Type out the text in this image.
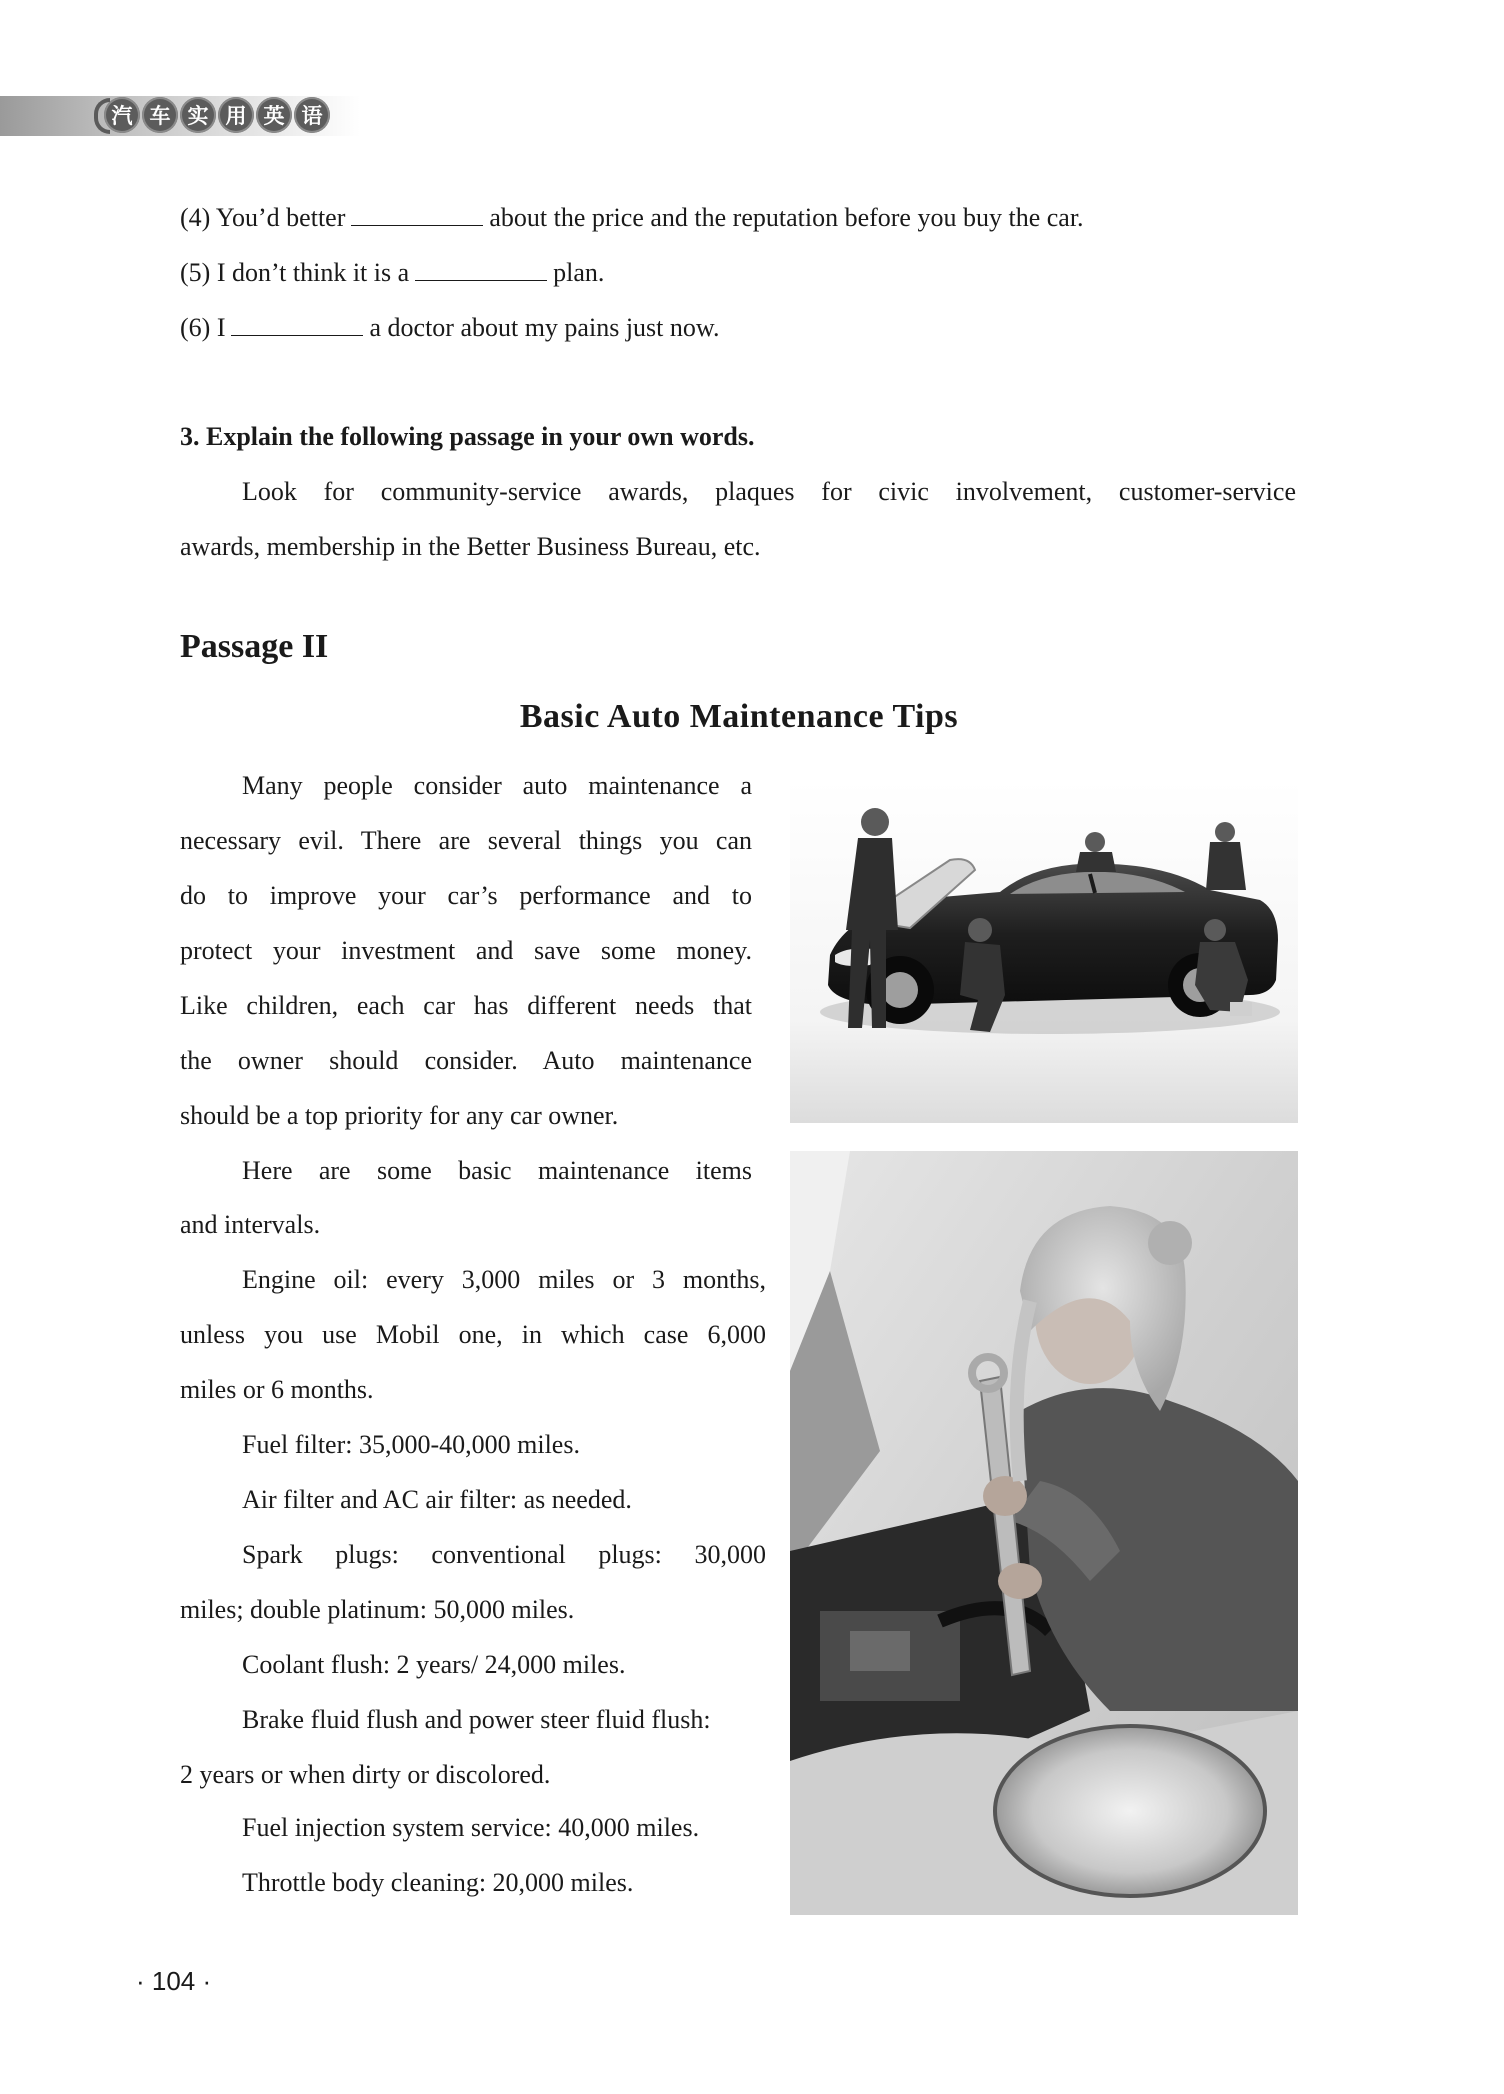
汽 车 实 用 英 语
(4) You’d better	about the price and the reputation before you buy the car.
(5) I don’t think it is a	plan.
(6) I	a doctor about my pains just now.
3. Explain the following passage in your own words.
Look for community-service awards, plaques for civic involvement, customer-service
awards, membership in the Better Business Bureau, etc.
Passage II
Basic Auto Maintenance Tips
Many people consider auto maintenance a
necessary evil. There are several things you can
do to improve your car’s performance and to
protect your investment and save some money.
Like children, each car has different needs that
the owner should consider. Auto maintenance
should be a top priority for any car owner.
Here are some basic maintenance items
and intervals.
Engine oil: every 3,000 miles or 3 months,
unless you use Mobil one, in which case 6,000
miles or 6 months.
Fuel filter: 35,000-40,000 miles.
Air filter and AC air filter: as needed.
Spark plugs: conventional plugs: 30,000
miles; double platinum: 50,000 miles.
Coolant flush: 2 years/ 24,000 miles.
Brake fluid flush and power steer fluid flush:
2 years or when dirty or discolored.
Fuel injection system service: 40,000 miles.
Throttle body cleaning: 20,000 miles.
· 104 ·
